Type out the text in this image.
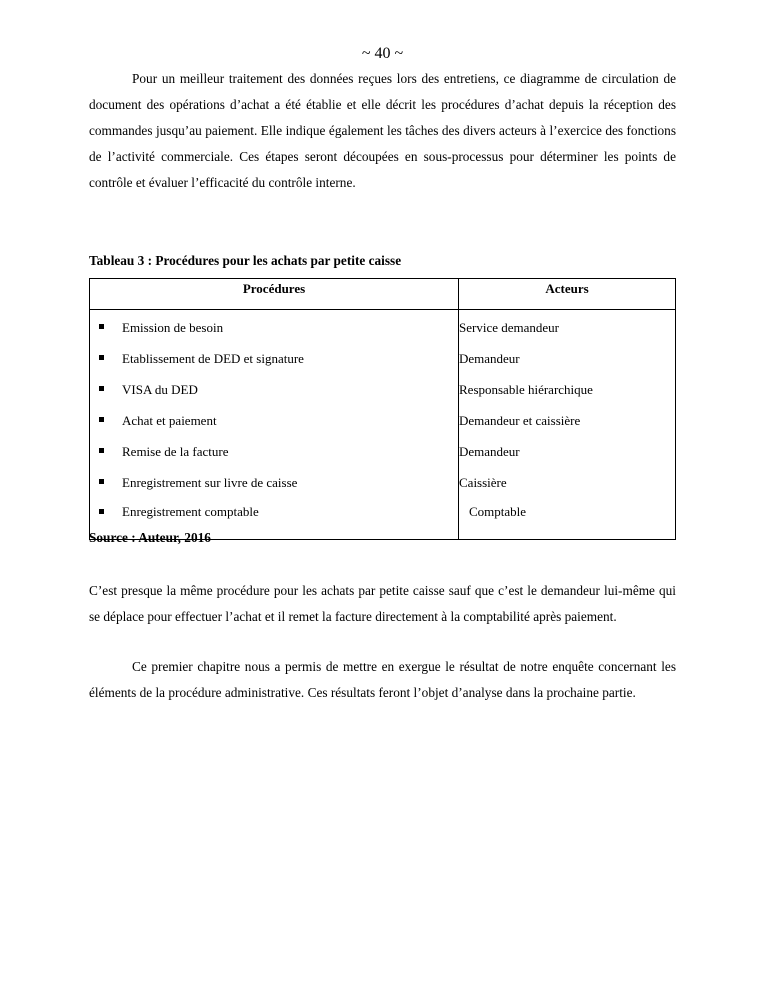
~ 40 ~

Pour un meilleur traitement des données reçues lors des entretiens, ce diagramme de circulation de document des opérations d’achat a été établie et elle décrit les procédures d’achat depuis la réception des commandes jusqu’au paiement. Elle indique également les tâches des divers acteurs à l’exercice des fonctions de l’activité commerciale. Ces étapes seront découpées en sous-processus pour déterminer les points de contrôle et évaluer l’efficacité du contrôle interne.

Tableau 3 : Procédures pour les achats par petite caisse

Procédures	Acteurs
Emission de besoin	Service demandeur
Etablissement de DED et signature	Demandeur
VISA du DED	Responsable hiérarchique
Achat et paiement	Demandeur et caissière
Remise de la facture	Demandeur
Enregistrement sur livre de caisse	Caissière
Enregistrement comptable	Comptable

Source : Auteur, 2016

C’est presque la même procédure pour les achats par petite caisse sauf que c’est le demandeur lui-même qui se déplace pour effectuer l’achat et il remet la facture directement à la comptabilité après paiement.

Ce premier chapitre nous a permis de mettre en exergue le résultat de notre enquête concernant les éléments de la procédure administrative. Ces résultats feront l’objet d’analyse dans la prochaine partie.
